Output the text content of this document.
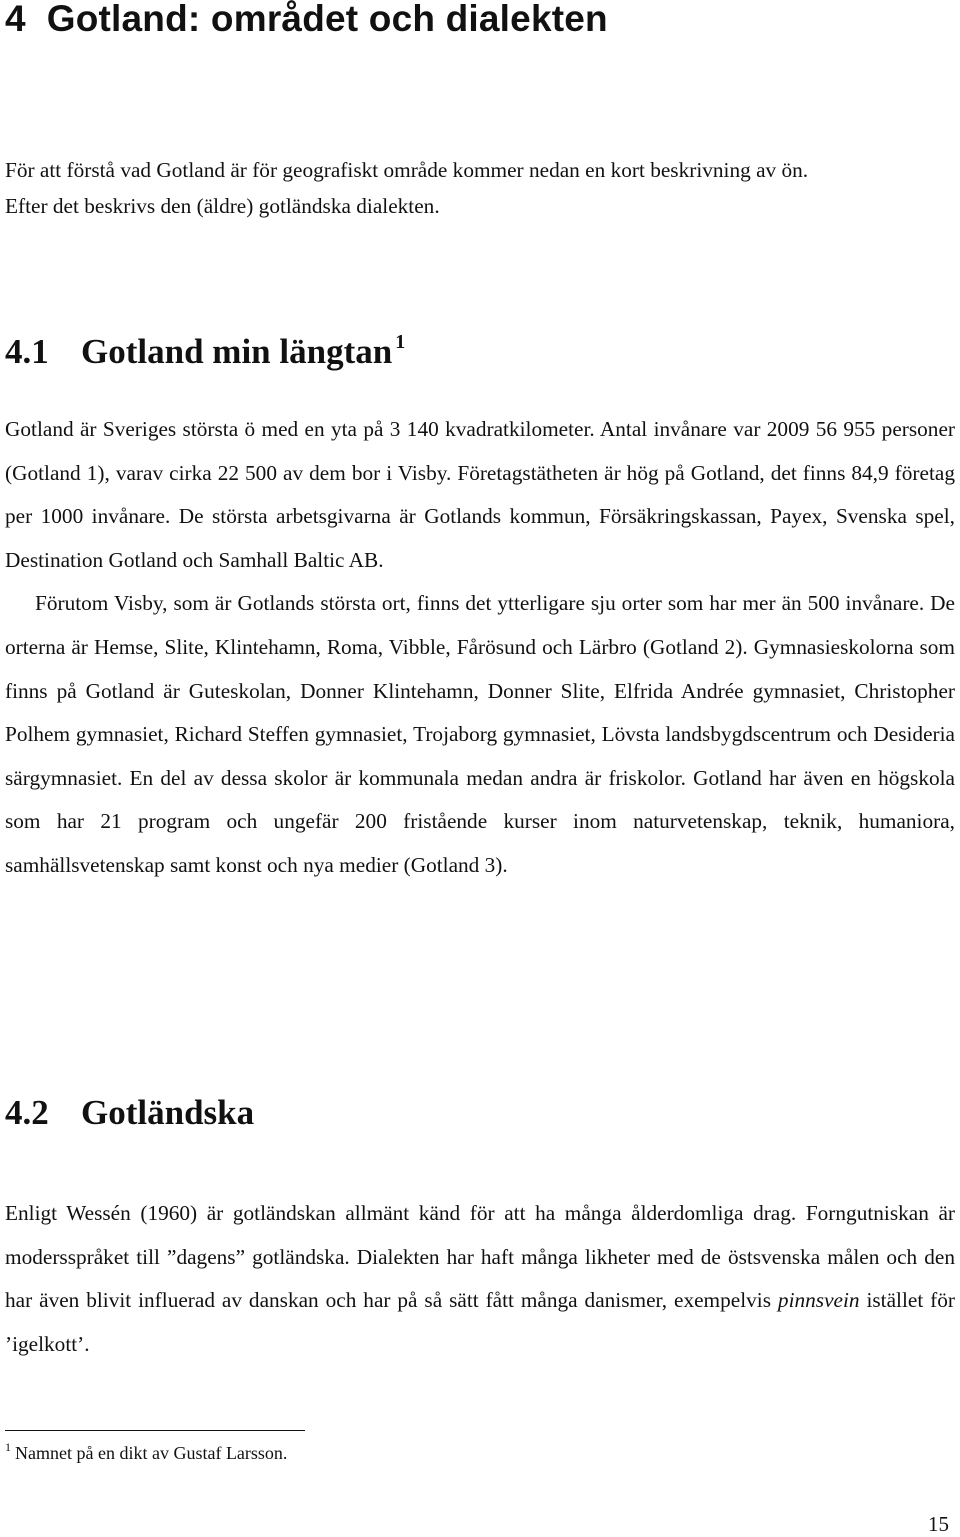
4 Gotland: området och dialekten

För att förstå vad Gotland är för geografiskt område kommer nedan en kort beskrivning av ön.
Efter det beskrivs den (äldre) gotländska dialekten.

4.1 Gotland min längtan $^1$

Gotland är Sveriges största ö med en yta på 3 140 kvadratkilometer. Antal invånare var 2009 56 955 personer (Gotland 1), varav cirka 22 500 av dem bor i Visby. Företagstätheten är hög på Gotland, det finns 84,9 företag per 1000 invånare. De största arbetsgivarna är Gotlands kommun, Försäkringskassan, Payex, Svenska spel, Destination Gotland och Samhall Baltic AB.
Förutom Visby, som är Gotlands största ort, finns det ytterligare sju orter som har mer än 500 invånare. De orterna är Hemse, Slite, Klintehamn, Roma, Vibble, Fårösund och Lärbro (Gotland 2). Gymnasieskolorna som finns på Gotland är Guteskolan, Donner Klintehamn, Donner Slite, Elfrida Andrée gymnasiet, Christopher Polhem gymnasiet, Richard Steffen gymnasiet, Trojaborg gymnasiet, Lövsta landsbygdscentrum och Desideria särgymnasiet. En del av dessa skolor är kommunala medan andra är friskolor. Gotland har även en högskola som har 21 program och ungefär 200 fristående kurser inom naturvetenskap, teknik, humaniora, samhällsvetenskap samt konst och nya medier (Gotland 3).

4.2 Gotländska

Enligt Wessén (1960) är gotländskan allmänt känd för att ha många ålderdomliga drag. Forngutniskan är modersspråket till ”dagens” gotländska. Dialekten har haft många likheter med de östsvenska målen och den har även blivit influerad av danskan och har på så sätt fått många danismer, exempelvis pinnsvein istället för ’igelkott’.

$^1$ Namnet på en dikt av Gustaf Larsson.

15
